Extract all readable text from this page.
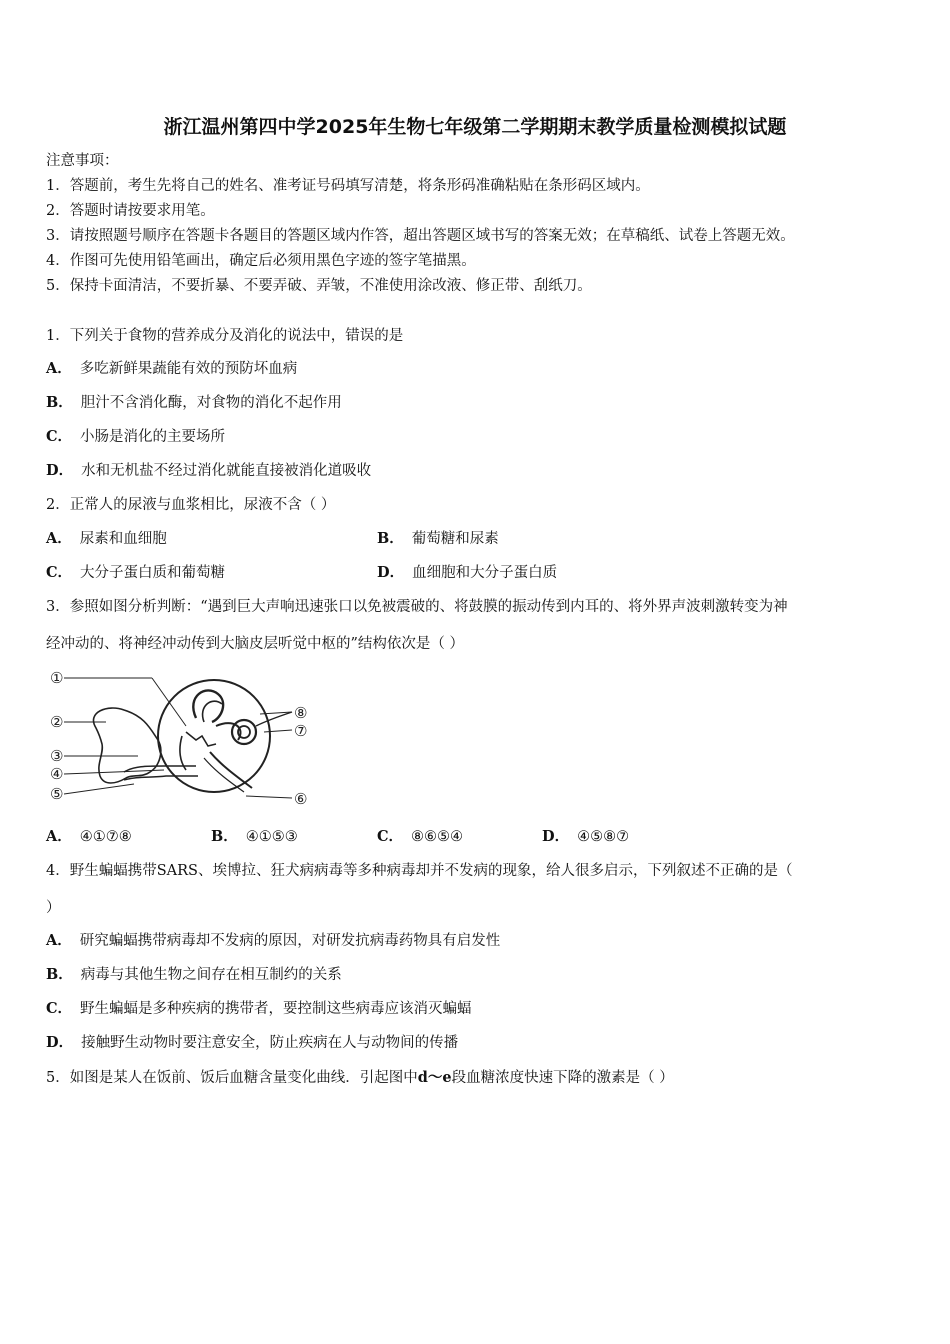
浙江温州第四中学2025年生物七年级第二学期期末教学质量检测模拟试题
注意事项：
1．答题前，考生先将自己的姓名、准考证号码填写清楚，将条形码准确粘贴在条形码区域内。
2．答题时请按要求用笔。
3．请按照题号顺序在答题卡各题目的答题区域内作答，超出答题区域书写的答案无效；在草稿纸、试卷上答题无效。
4．作图可先使用铅笔画出，确定后必须用黑色字迹的签字笔描黑。
5．保持卡面清洁，不要折暴、不要弄破、弄皱，不准使用涂改液、修正带、刮纸刀。
1．下列关于食物的营养成分及消化的说法中，错误的是
A． 多吃新鲜果蔬能有效的预防坏血病
B． 胆汁不含消化酶，对食物的消化不起作用
C． 小肠是消化的主要场所
D． 水和无机盐不经过消化就能直接被消化道吸收
2．正常人的尿液与血浆相比，尿液不含（ ）
A． 尿素和血细胞	B． 葡萄糖和尿素
C． 大分子蛋白质和葡萄糖	D． 血细胞和大分子蛋白质
3．参照如图分析判断：“遇到巨大声响迅速张口以免被震破的、将鼓膜的振动传到内耳的、将外界声波刺激转变为神
经冲动的、将神经冲动传到大脑皮层听觉中枢的”结构依次是（ ）
①
②
③
④
⑤	⑥
⑦
⑧
A． ④①⑦⑧	B． ④①⑤③	C． ⑧⑥⑤④	D． ④⑤⑧⑦
4．野生蝙蝠携带SARS、埃博拉、狂犬病病毒等多种病毒却并不发病的现象，给人很多启示，下列叙述不正确的是（
）
A． 研究蝙蝠携带病毒却不发病的原因，对研发抗病毒药物具有启发性
B． 病毒与其他生物之间存在相互制约的关系
C． 野生蝙蝠是多种疾病的携带者，要控制这些病毒应该消灭蝙蝠
D． 接触野生动物时要注意安全，防止疾病在人与动物间的传播
5．如图是某人在饭前、饭后血糖含量变化曲线．引起图中d～e段血糖浓度快速下降的激素是（ ）
